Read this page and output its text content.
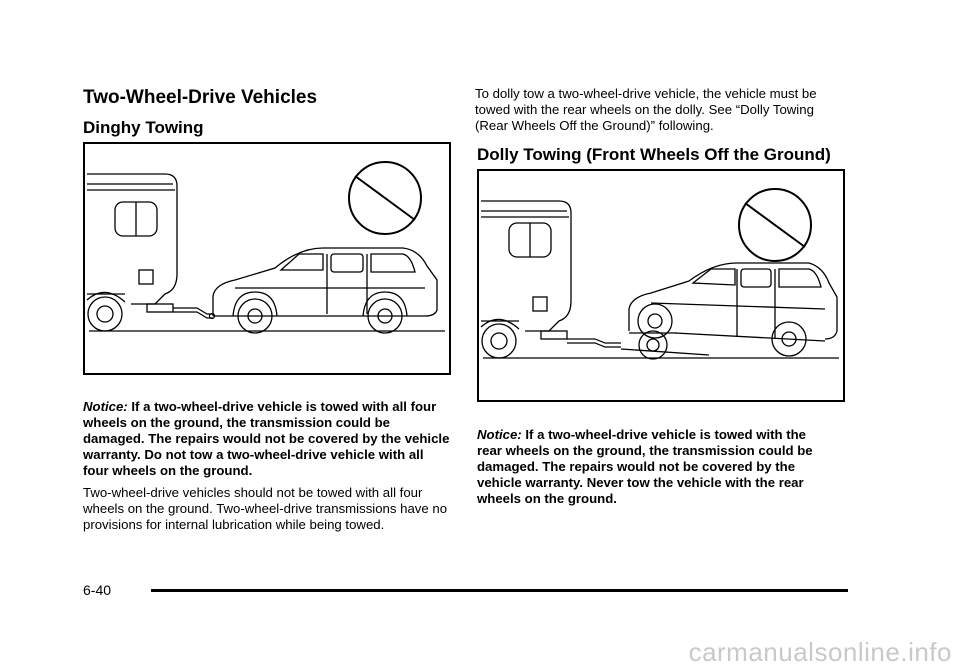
Two-Wheel-Drive Vehicles
Dinghy Towing

Notice: If a two-wheel-drive vehicle is towed with all four wheels on the ground, the transmission could be damaged. The repairs would not be covered by the vehicle warranty. Do not tow a two-wheel-drive vehicle with all four wheels on the ground.

Two-wheel-drive vehicles should not be towed with all four wheels on the ground. Two-wheel-drive transmissions have no provisions for internal lubrication while being towed.

To dolly tow a two-wheel-drive vehicle, the vehicle must be towed with the rear wheels on the dolly. See “Dolly Towing (Rear Wheels Off the Ground)” following.

Dolly Towing (Front Wheels Off the Ground)

Notice: If a two-wheel-drive vehicle is towed with the rear wheels on the ground, the transmission could be damaged. The repairs would not be covered by the vehicle warranty. Never tow the vehicle with the rear wheels on the ground.

6-40
carmanualsonline.info
